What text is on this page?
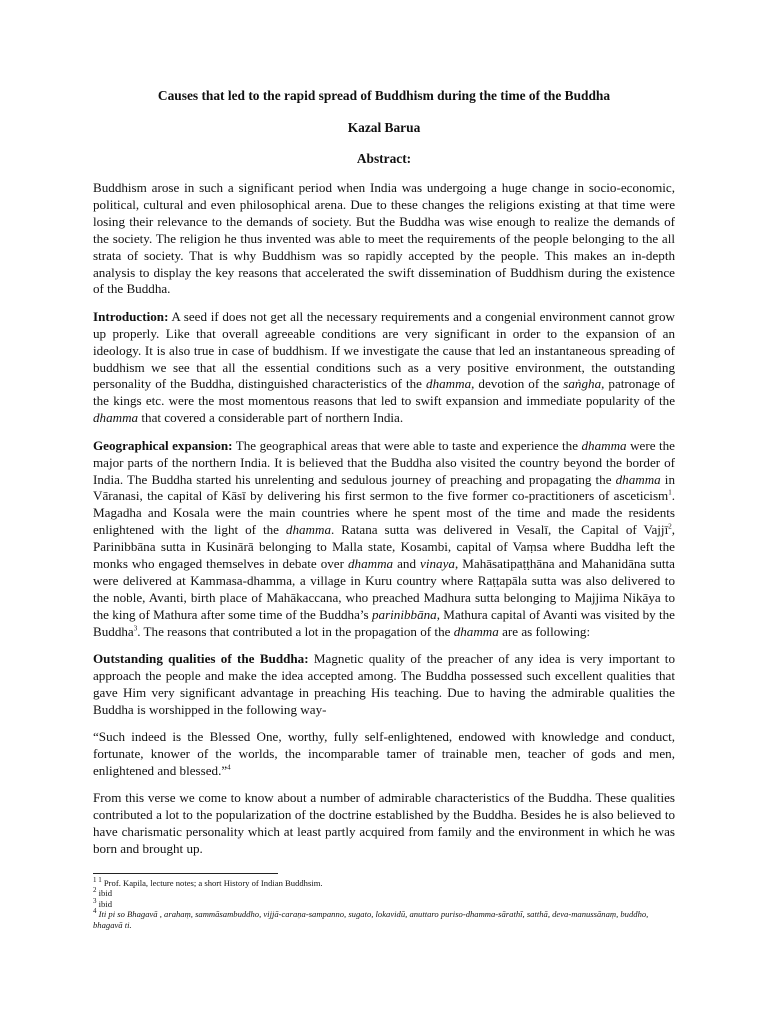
Causes that led to the rapid spread of Buddhism during the time of the Buddha
Kazal Barua
Abstract:

Buddhism arose in such a significant period when India was undergoing a huge change in socio-economic, political, cultural and even philosophical arena. Due to these changes the religions existing at that time were losing their relevance to the demands of society. But the Buddha was wise enough to realize the demands of the society. The religion he thus invented was able to meet the requirements of the people belonging to the all strata of society. That is why Buddhism was so rapidly accepted by the people. This makes an in-depth analysis to display the key reasons that accelerated the swift dissemination of Buddhism during the existence of the Buddha.

Introduction: A seed if does not get all the necessary requirements and a congenial environment cannot grow up properly. Like that overall agreeable conditions are very significant in order to the expansion of an ideology. It is also true in case of buddhism. If we investigate the cause that led an instantaneous spreading of buddhism we see that all the essential conditions such as a very positive environment, the outstanding personality of the Buddha, distinguished characteristics of the dhamma, devotion of the saṅgha, patronage of the kings etc. were the most momentous reasons that led to swift expansion and immediate popularity of the dhamma that covered a considerable part of northern India.

Geographical expansion: The geographical areas that were able to taste and experience the dhamma were the major parts of the northern India. It is believed that the Buddha also visited the country beyond the border of India. The Buddha started his unrelenting and sedulous journey of preaching and propagating the dhamma in Vāranasi, the capital of Kāsī by delivering his first sermon to the five former co-practitioners of asceticism$^1$. Magadha and Kosala were the main countries where he spent most of the time and made the residents enlightened with the light of the dhamma. Ratana sutta was delivered in Vesalī, the Capital of Vajjī$^2$, Parinibbāna sutta in Kusinārā belonging to Malla state, Kosambi, capital of Vaṃsa where Buddha left the monks who engaged themselves in debate over dhamma and vinaya, Mahāsatipaṭṭhāna and Mahanidāna sutta were delivered at Kammasa-dhamma, a village in Kuru country where Raṭṭapāla sutta was also delivered to the noble, Avanti, birth place of Mahākaccana, who preached Madhura sutta belonging to Majjima Nikāya to the king of Mathura after some time of the Buddha’s parinibbāna, Mathura capital of Avanti was visited by the Buddha$^3$. The reasons that contributed a lot in the propagation of the dhamma are as following:

Outstanding qualities of the Buddha: Magnetic quality of the preacher of any idea is very important to approach the people and make the idea accepted among. The Buddha possessed such excellent qualities that gave Him very significant advantage in preaching His teaching. Due to having the admirable qualities the Buddha is worshipped in the following way-

“Such indeed is the Blessed One, worthy, fully self-enlightened, endowed with knowledge and conduct, fortunate, knower of the worlds, the incomparable tamer of trainable men, teacher of gods and men, enlightened and blessed.”$^4$

From this verse we come to know about a number of admirable characteristics of the Buddha. These qualities contributed a lot to the popularization of the doctrine established by the Buddha. Besides he is also believed to have charismatic personality which at least partly acquired from family and the environment in which he was born and brought up.

$^{1 1}$ Prof. Kapila, lecture notes; a short History of Indian Buddhsim.

$^2$ ibid

$^3$ ibid

$^4$ Iti pi so Bhagavā , arahaṃ, sammāsambuddho, vijjā-caraṇa-sampanno, sugato, lokavidū, anuttaro puriso-dhamma-sārathī, satthā, deva-manussānaṃ, buddho, bhagavā ti.
